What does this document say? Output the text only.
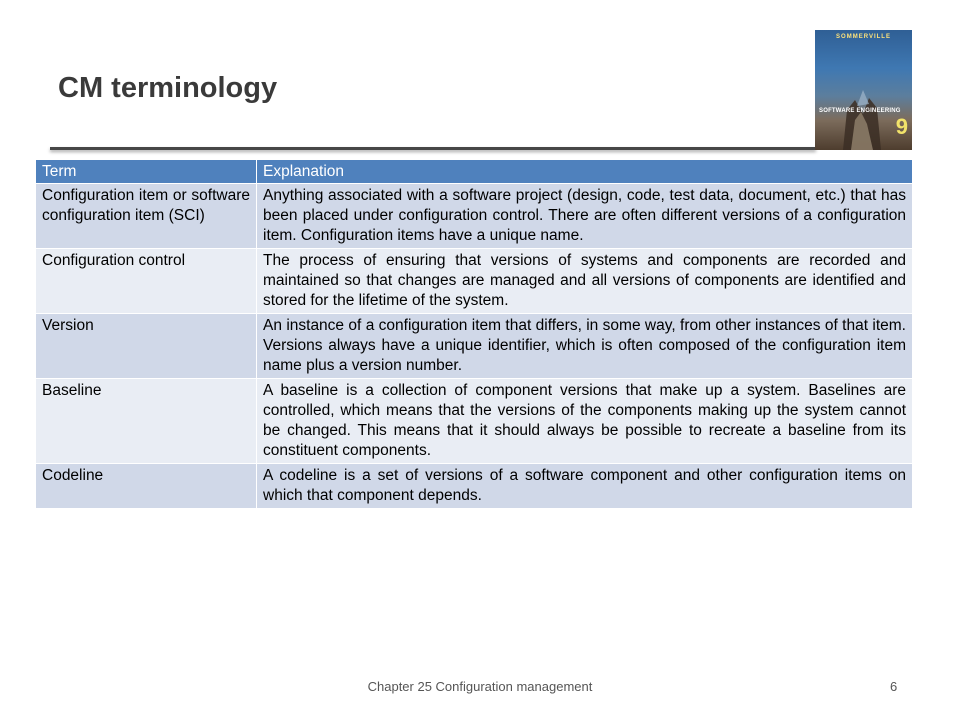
CM terminology
SOMMERVILLE
SOFTWARE ENGINEERING
9
Term	Explanation
Configuration item or software configuration item (SCI)	Anything associated with a software project (design, code, test data, document, etc.) that has been placed under configuration control. There are often different versions of a configuration item. Configuration items have a unique name.
Configuration control	The process of ensuring that versions of systems and components are recorded and maintained so that changes are managed and all versions of components are identified and stored for the lifetime of the system.
Version	An instance of a configuration item that differs, in some way, from other instances of that item. Versions always have a unique identifier, which is often composed of the configuration item name plus a version number.
Baseline	A baseline is a collection of component versions that make up a system. Baselines are controlled, which means that the versions of the components making up the system cannot be changed. This means that it should always be possible to recreate a baseline from its constituent components.
Codeline	A codeline is a set of versions of a software component and other configuration items on which that component depends.
Chapter 25 Configuration management	6
